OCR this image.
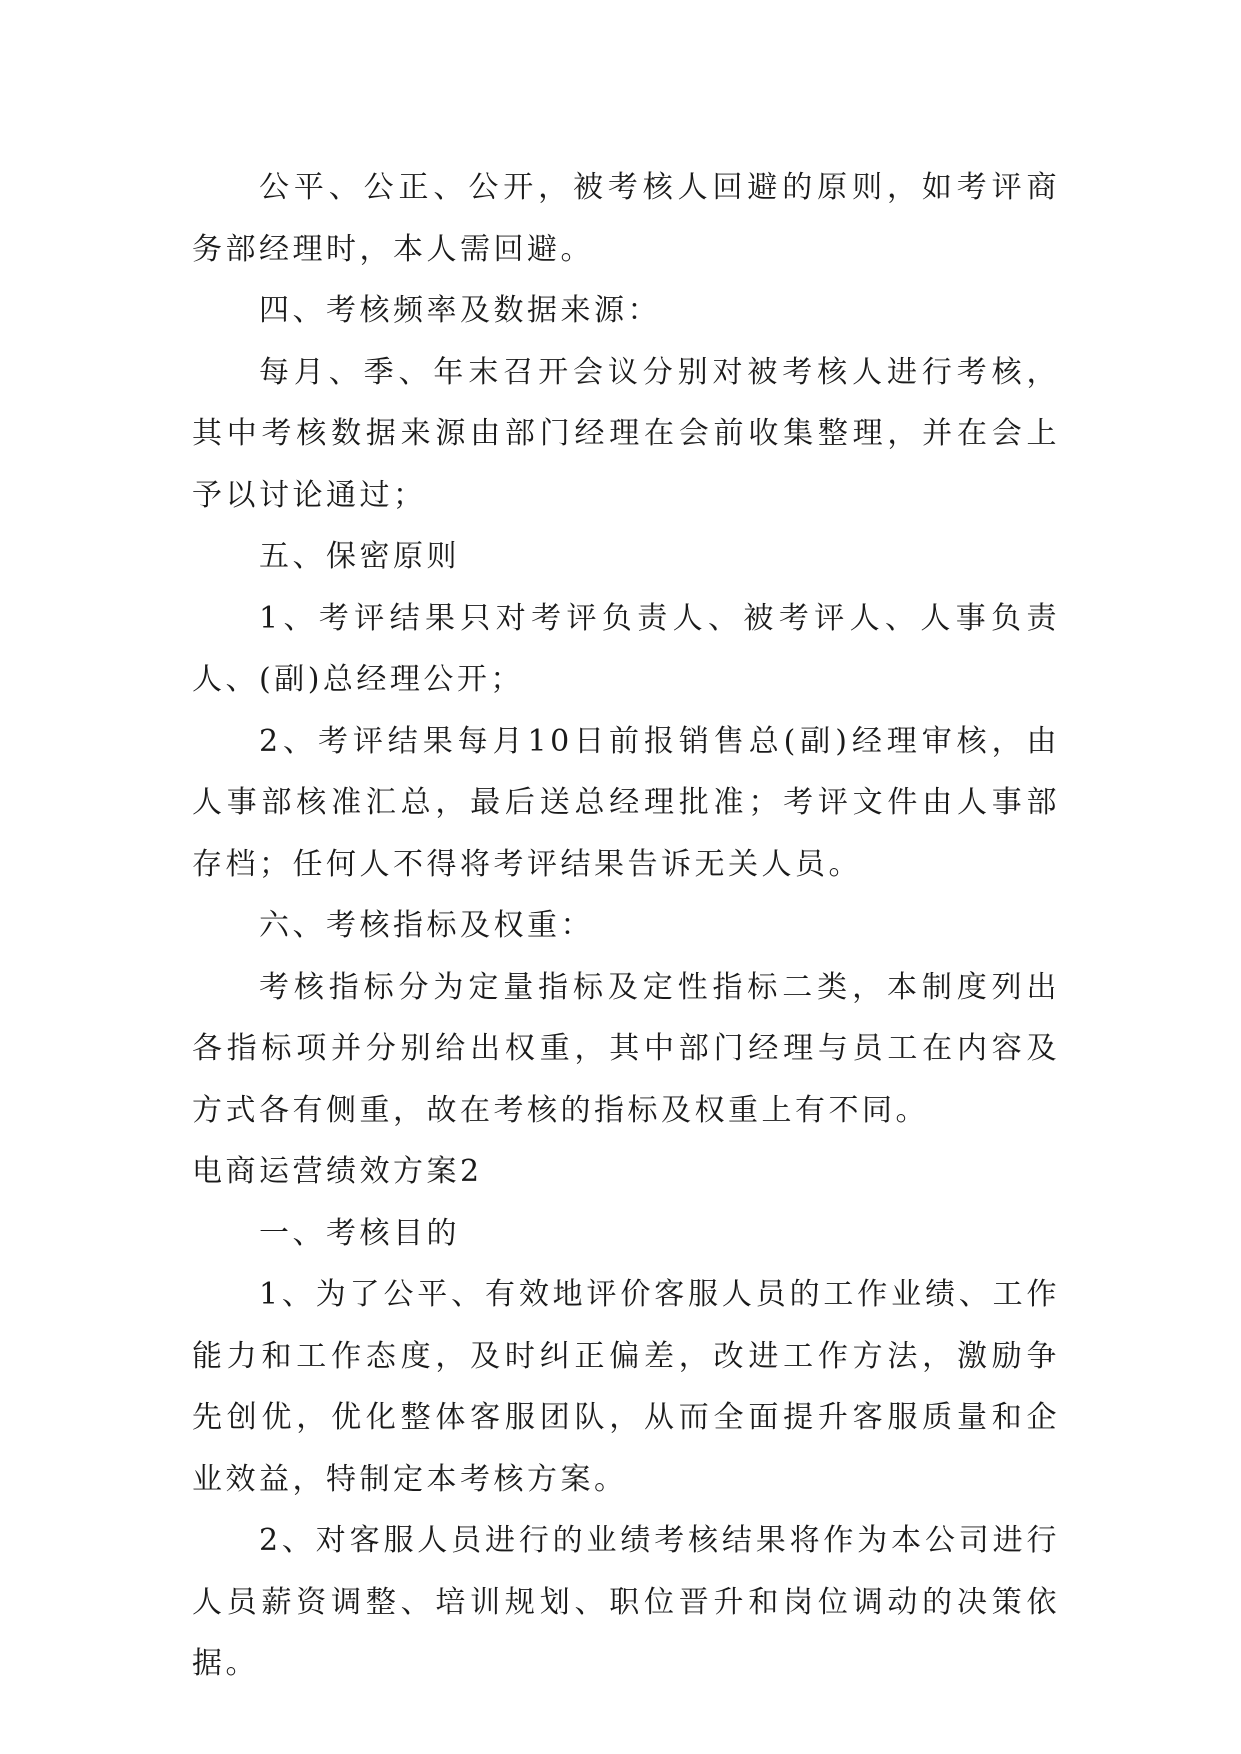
公平、公正、公开，被考核人回避的原则，如考评商务部经理时，本人需回避。

四、考核频率及数据来源：

每月、季、年末召开会议分别对被考核人进行考核，其中考核数据来源由部门经理在会前收集整理，并在会上予以讨论通过；

五、保密原则

1、考评结果只对考评负责人、被考评人、人事负责人、(副)总经理公开；

2、考评结果每月10日前报销售总(副)经理审核，由人事部核准汇总，最后送总经理批准；考评文件由人事部存档；任何人不得将考评结果告诉无关人员。

六、考核指标及权重：

考核指标分为定量指标及定性指标二类，本制度列出各指标项并分别给出权重，其中部门经理与员工在内容及方式各有侧重，故在考核的指标及权重上有不同。

电商运营绩效方案2

一、考核目的

1、为了公平、有效地评价客服人员的工作业绩、工作能力和工作态度，及时纠正偏差，改进工作方法，激励争先创优，优化整体客服团队，从而全面提升客服质量和企业效益，特制定本考核方案。

2、对客服人员进行的业绩考核结果将作为本公司进行人员薪资调整、培训规划、职位晋升和岗位调动的决策依据。
